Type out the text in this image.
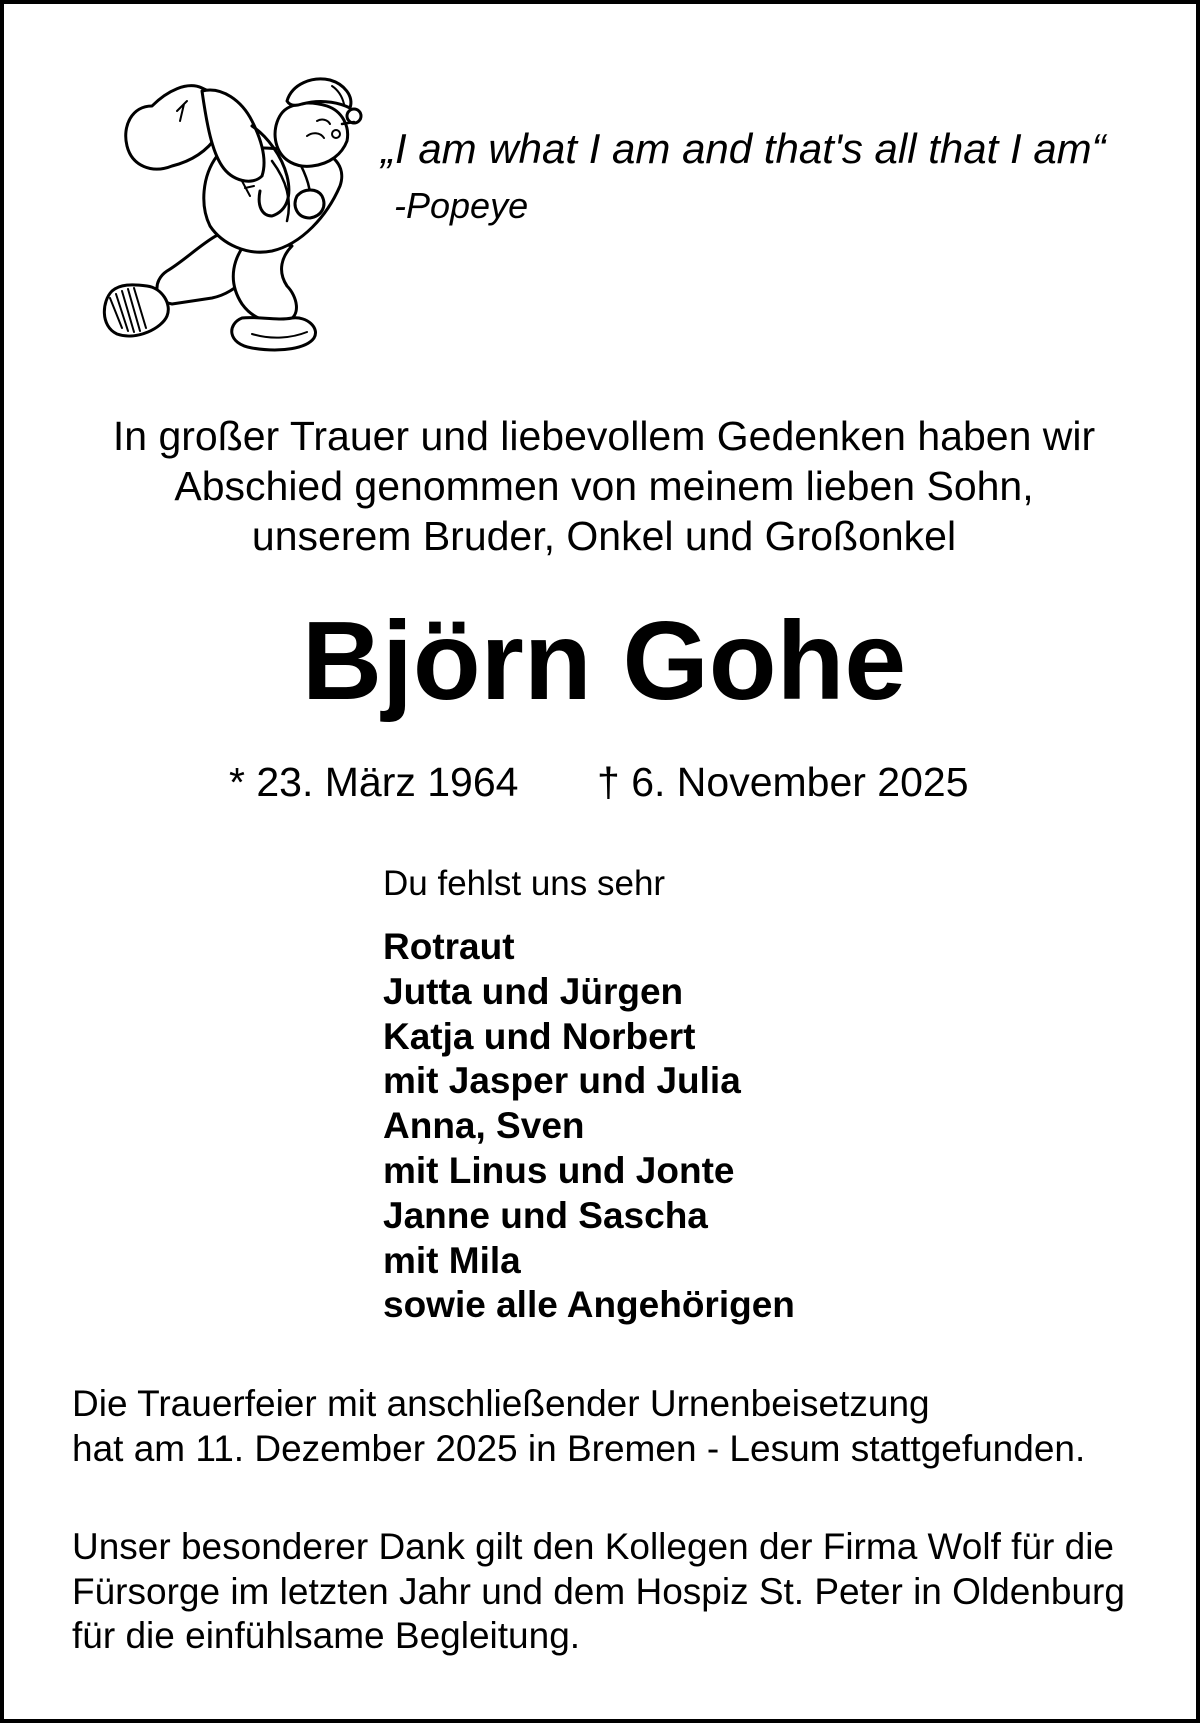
„I am what I am and that's all that I am“

-Popeye

In großer Trauer und liebevollem Gedenken haben wir
Abschied genommen von meinem lieben Sohn,
unserem Bruder, Onkel und Großonkel
Björn Gohe

* 23. März 1964 † 6. November 2025

Du fehlst uns sehr

Rotraut
Jutta und Jürgen
Katja und Norbert
mit Jasper und Julia
Anna, Sven
mit Linus und Jonte
Janne und Sascha
mit Mila
sowie alle Angehörigen
Die Trauerfeier mit anschließender Urnenbeisetzung
hat am 11. Dezember 2025 in Bremen - Lesum stattgefunden.
Unser besonderer Dank gilt den Kollegen der Firma Wolf für die
Fürsorge im letzten Jahr und dem Hospiz St. Peter in Oldenburg
für die einfühlsame Begleitung.
